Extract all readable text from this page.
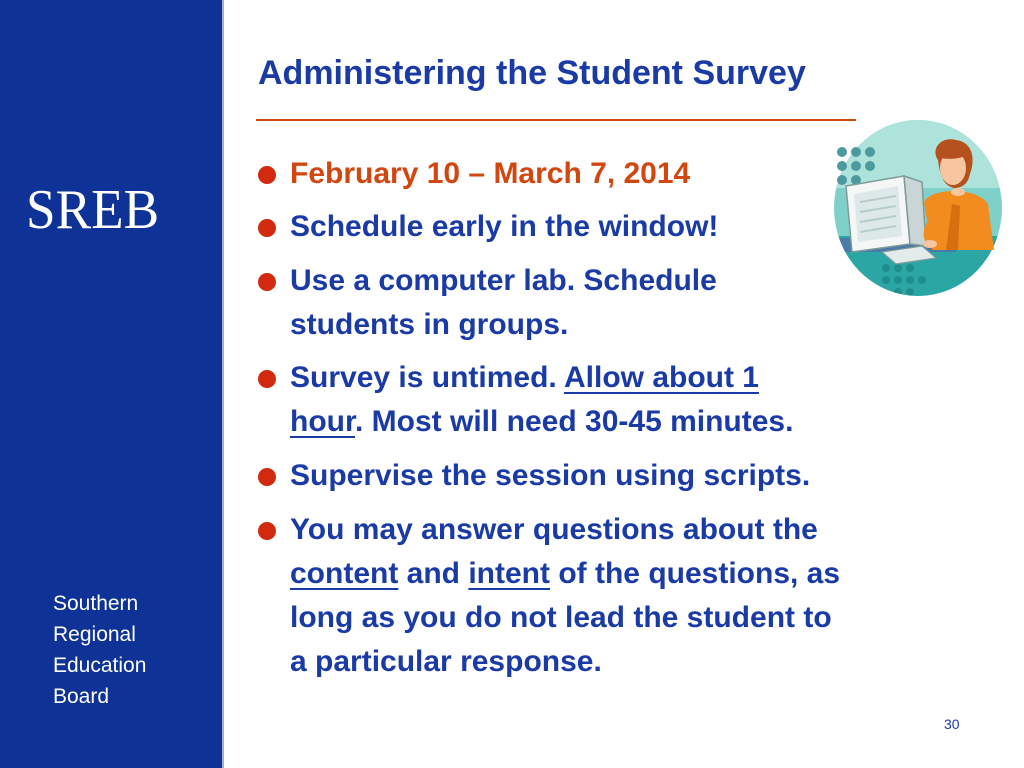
SREB
Southern
Regional
Education
Board
Administering the Student Survey
February 10 – March 7, 2014
Schedule early in the window!
Use a computer lab. Schedule
students in groups.
Survey is untimed. Allow about 1
hour. Most will need 30-45 minutes.
Supervise the session using scripts.
You may answer questions about the
content and intent of the questions, as
long as you do not lead the student to
a particular response.
30
